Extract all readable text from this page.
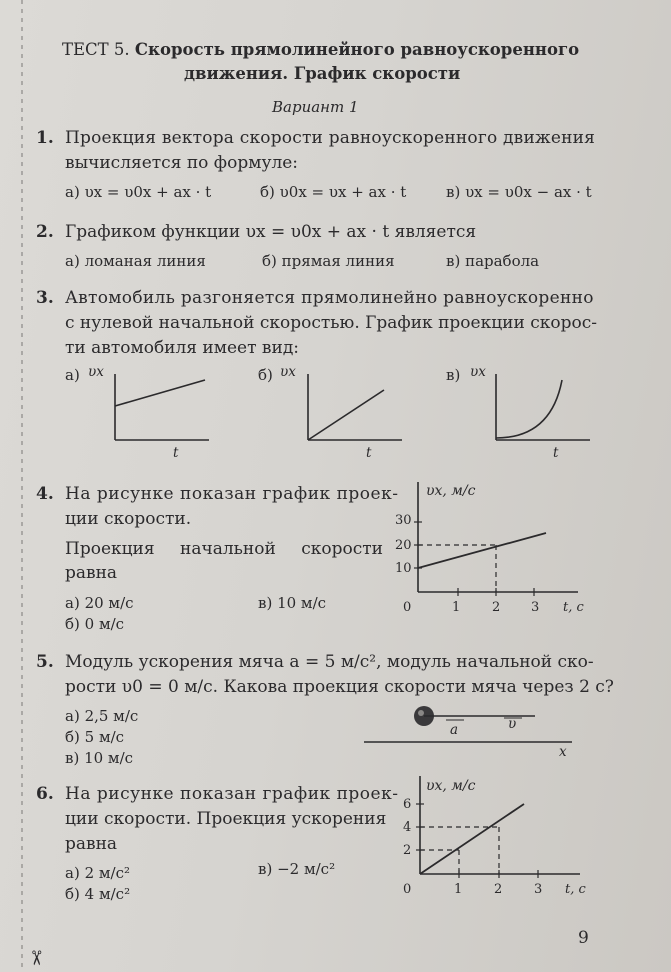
ТЕСТ 5. Скорость прямолинейного равноускоренного
движения. График скорости
Вариант 1
1. Проекция вектора скорости равноускоренного движения
вычисляется по формуле:
а) υx = υ0x + ax · t	б) υ0x = υx + ax · t	в) υx = υ0x − ax · t
2. Графиком функции υx = υ0x + ax · t является
а) ломаная линия	б) прямая линия	в) парабола
3. Автомобиль разгоняется прямолинейно равноускоренно
с нулевой начальной скоростью. График проекции скорос-
ти автомобиля имеет вид:
а) υx
t
б) υx
t
в) υx
t
4. На рисунке показан график проек-
ции скорости.
Проекция начальной скорости
равна
а) 20 м/с	в) 10 м/с
б) 0 м/с
υx, м/с
30
20
10
0	1 2 3 t, с
5. Модуль ускорения мяча a = 5 м/с², модуль начальной ско-
рости υ0 = 0 м/с. Какова проекция скорости мяча через 2 с?
а) 2,5 м/с
б) 5 м/с
в) 10 м/с
a	υ
x
6. На рисунке показан график проек-
ции скорости. Проекция ускорения
равна
а) 2 м/с²	в) −2 м/с²
б) 4 м/с²
υx, м/с
6
4
2
0	1 2 3 t, с
9
✂
